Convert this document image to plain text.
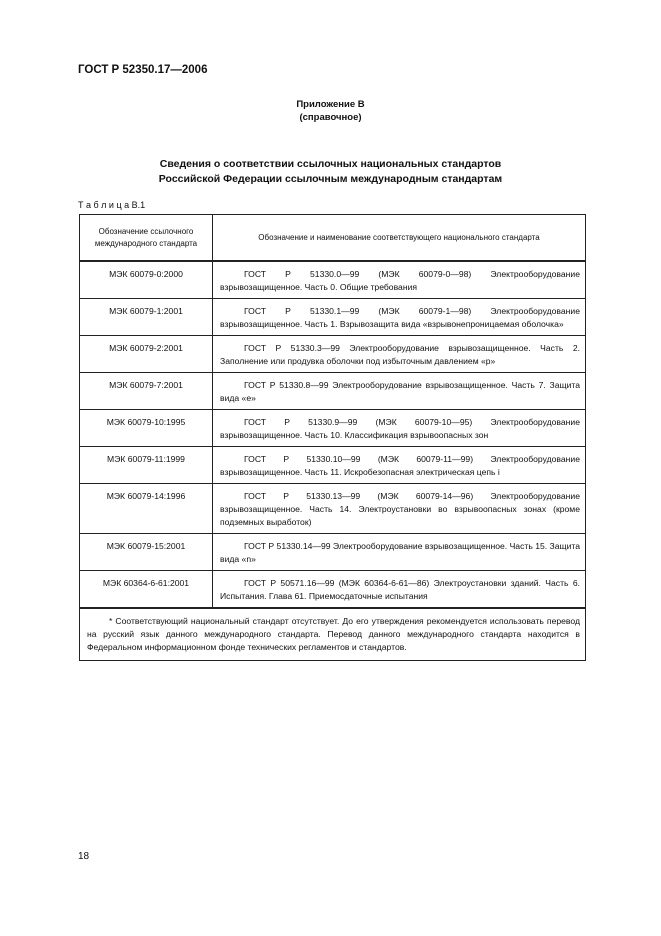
ГОСТ Р 52350.17—2006
Приложение В
(справочное)
Сведения о соответствии ссылочных национальных стандартов
Российской Федерации ссылочным международным стандартам
Т а б л и ц а В.1
Обозначение ссылочного международного стандарта	Обозначение и наименование соответствующего национального стандарта
МЭК 60079-0:2000	ГОСТ Р 51330.0—99 (МЭК 60079-0—98) Электрооборудование взрывозащищенное. Часть 0. Общие требования
МЭК 60079-1:2001	ГОСТ Р 51330.1—99 (МЭК 60079-1—98) Электрооборудование взрывозащищенное. Часть 1. Взрывозащита вида «взрывонепроницаемая оболочка»
МЭК 60079-2:2001	ГОСТ Р 51330.3—99 Электрооборудование взрывозащищенное. Часть 2. Заполнение или продувка оболочки под избыточным давлением «р»
МЭК 60079-7:2001	ГОСТ Р 51330.8—99 Электрооборудование взрывозащищенное. Часть 7. Защита вида «е»
МЭК 60079-10:1995	ГОСТ Р 51330.9—99 (МЭК 60079-10—95) Электрооборудование взрывозащищенное. Часть 10. Классификация взрывоопасных зон
МЭК 60079-11:1999	ГОСТ Р 51330.10—99 (МЭК 60079-11—99) Электрооборудование взрывозащищенное. Часть 11. Искробезопасная электрическая цепь i
МЭК 60079-14:1996	ГОСТ Р 51330.13—99 (МЭК 60079-14—96) Электрооборудование взрывозащищенное. Часть 14. Электроустановки во взрывоопасных зонах (кроме подземных выработок)
МЭК 60079-15:2001	ГОСТ Р 51330.14—99 Электрооборудование взрывозащищенное. Часть 15. Защита вида «n»
МЭК 60364-6-61:2001	ГОСТ Р 50571.16—99 (МЭК 60364-6-61—86) Электроустановки зданий. Часть 6. Испытания. Глава 61. Приемосдаточные испытания
* Соответствующий национальный стандарт отсутствует. До его утверждения рекомендуется использовать перевод на русский язык данного международного стандарта. Перевод данного международного стандарта находится в Федеральном информационном фонде технических регламентов и стандартов.	
18
